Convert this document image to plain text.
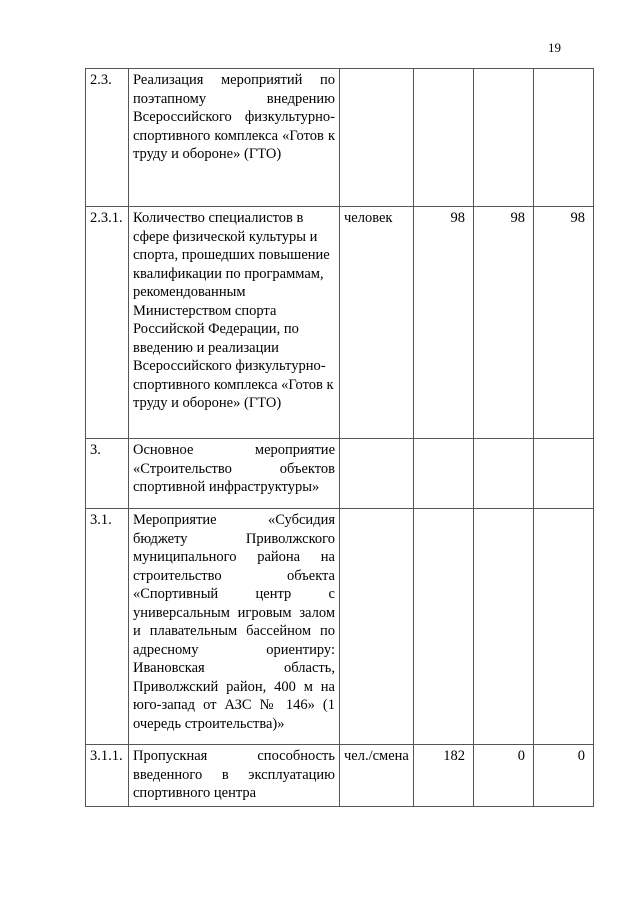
19
2.3.	Реализация мероприятий по поэтапному внедрению Всероссийского физкультурно-спортивного комплекса «Готов к труду и обороне» (ГТО)				
2.3.1.	Количество специалистов в сфере физической культуры и спорта, прошедших повышение квалификации по программам, рекомендованным Министерством спорта Российской Федерации, по введению и реализации Всероссийского физкультурно-спортивного комплекса «Готов к труду и обороне» (ГТО)	человек	98	98	98
3.	Основное мероприятие «Строительство объектов спортивной инфраструктуры»				
3.1.	Мероприятие «Субсидия бюджету Приволжского муниципального района на строительство объекта «Спортивный центр с универсальным игровым залом и плавательным бассейном по адресному ориентиру: Ивановская область, Приволжский район, 400 м на юго-запад от АЗС № 146» (1 очередь строительства)»				
3.1.1.	Пропускная способность введенного в эксплуатацию спортивного центра	чел./смена	182	0	0
